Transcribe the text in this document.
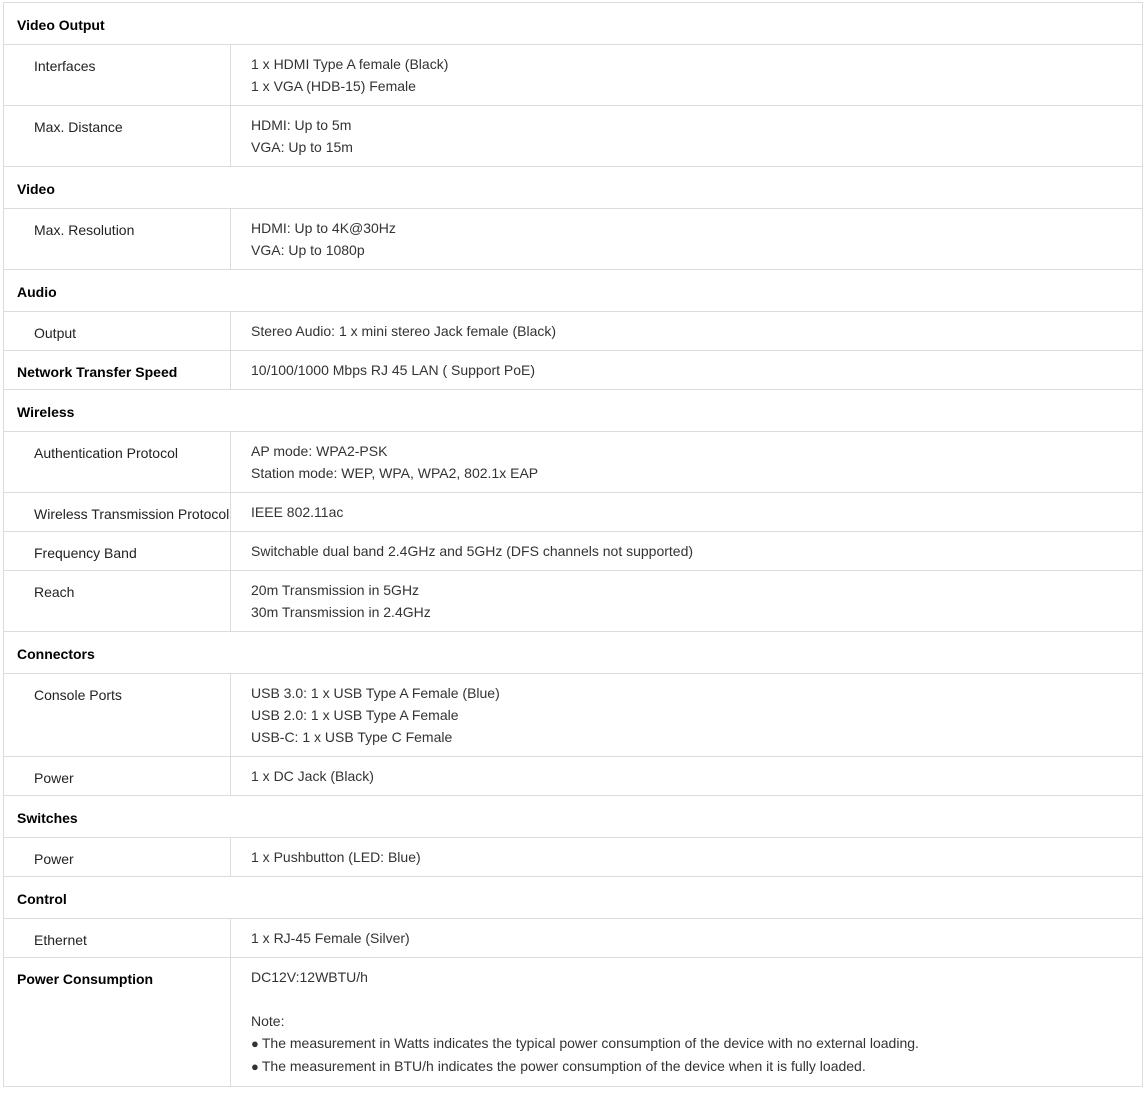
Video Output	
Interfaces	1 x HDMI Type A female (Black)
1 x VGA (HDB-15) Female

Max. Distance	HDMI: Up to 5m
VGA: Up to 15m

Video	
Max. Resolution	HDMI: Up to 4K@30Hz
VGA: Up to 1080p

Audio	
Output	Stereo Audio: 1 x mini stereo Jack female (Black)

Network Transfer Speed	10/100/1000 Mbps RJ 45 LAN ( Support PoE)

Wireless	
Authentication Protocol	AP mode: WPA2-PSK
Station mode: WEP, WPA, WPA2, 802.1x EAP

Wireless Transmission Protocol	IEEE 802.11ac

Frequency Band	Switchable dual band 2.4GHz and 5GHz (DFS channels not supported)

Reach	20m Transmission in 5GHz
30m Transmission in 2.4GHz

Connectors	
Console Ports	USB 3.0: 1 x USB Type A Female (Blue)
USB 2.0: 1 x USB Type A Female
USB-C: 1 x USB Type C Female

Power	1 x DC Jack (Black)

Switches	
Power	1 x Pushbutton (LED: Blue)

Control	
Ethernet	1 x RJ-45 Female (Silver)

Power Consumption	DC12V:12WBTU/h
Note:
● The measurement in Watts indicates the typical power consumption of the device with no external loading.
● The measurement in BTU/h indicates the power consumption of the device when it is fully loaded.
